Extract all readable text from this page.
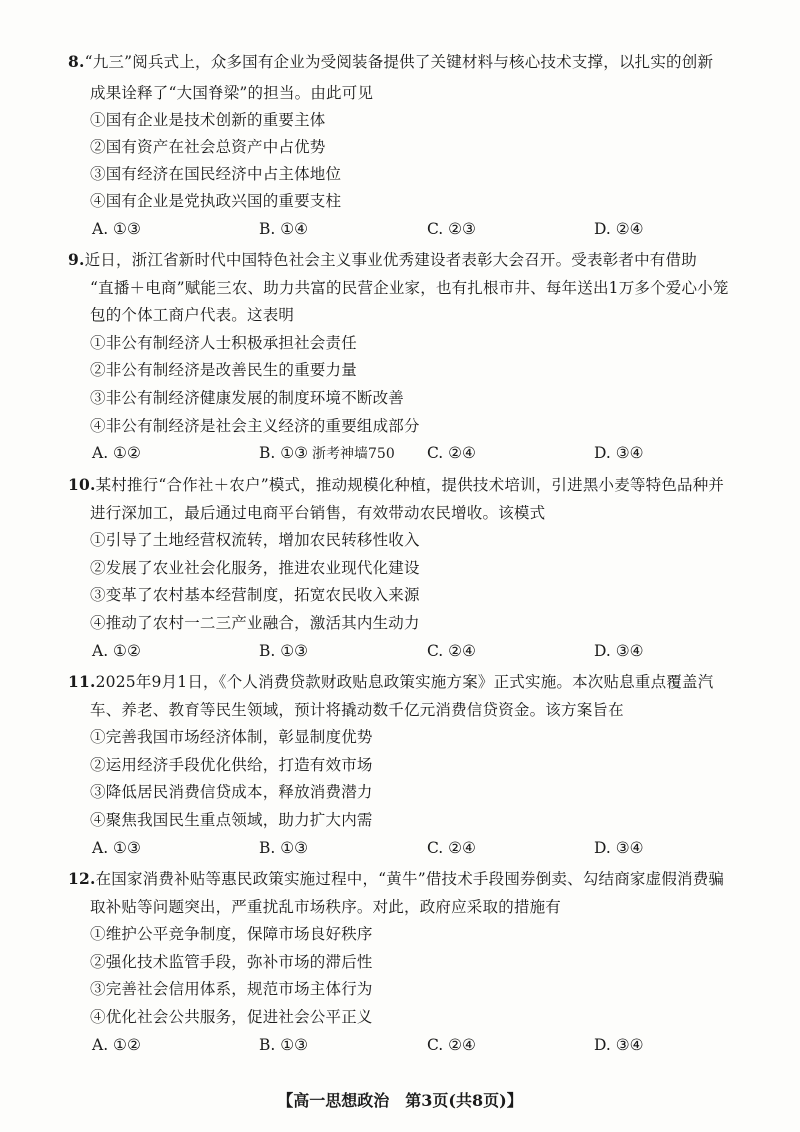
8.“九三”阅兵式上，众多国有企业为受阅装备提供了关键材料与核心技术支撑，以扎实的创新
成果诠释了“大国脊梁”的担当。由此可见
①国有企业是技术创新的重要主体
②国有资产在社会总资产中占优势
③国有经济在国民经济中占主体地位
④国有企业是党执政兴国的重要支柱
A. ①③	B. ①④	C. ②③	D. ②④
9.近日，浙江省新时代中国特色社会主义事业优秀建设者表彰大会召开。受表彰者中有借助
“直播＋电商”赋能三农、助力共富的民营企业家，也有扎根市井、每年送出1万多个爱心小笼
包的个体工商户代表。这表明
①非公有制经济人士积极承担社会责任
②非公有制经济是改善民生的重要力量
③非公有制经济健康发展的制度环境不断改善
④非公有制经济是社会主义经济的重要组成部分
A. ①②	B. ①③ 浙考神墙750 C. ②④	D. ③④
10.某村推行“合作社＋农户”模式，推动规模化种植，提供技术培训，引进黑小麦等特色品种并
进行深加工，最后通过电商平台销售，有效带动农民增收。该模式
①引导了土地经营权流转，增加农民转移性收入
②发展了农业社会化服务，推进农业现代化建设
③变革了农村基本经营制度，拓宽农民收入来源
④推动了农村一二三产业融合，激活其内生动力
A. ①②	B. ①③	C. ②④	D. ③④
11.2025年9月1日，《个人消费贷款财政贴息政策实施方案》正式实施。本次贴息重点覆盖汽
车、养老、教育等民生领域，预计将撬动数千亿元消费信贷资金。该方案旨在
①完善我国市场经济体制，彰显制度优势
②运用经济手段优化供给，打造有效市场
③降低居民消费信贷成本，释放消费潜力
④聚焦我国民生重点领域，助力扩大内需
A. ①③	B. ①③	C. ②④	D. ③④
12.在国家消费补贴等惠民政策实施过程中，“黄牛”借技术手段囤券倒卖、勾结商家虚假消费骗
取补贴等问题突出，严重扰乱市场秩序。对此，政府应采取的措施有
①维护公平竞争制度，保障市场良好秩序
②强化技术监管手段，弥补市场的滞后性
③完善社会信用体系，规范市场主体行为
④优化社会公共服务，促进社会公平正义
A. ①②	B. ①③	C. ②④	D. ③④
【高一思想政治　第3页(共8页)】
